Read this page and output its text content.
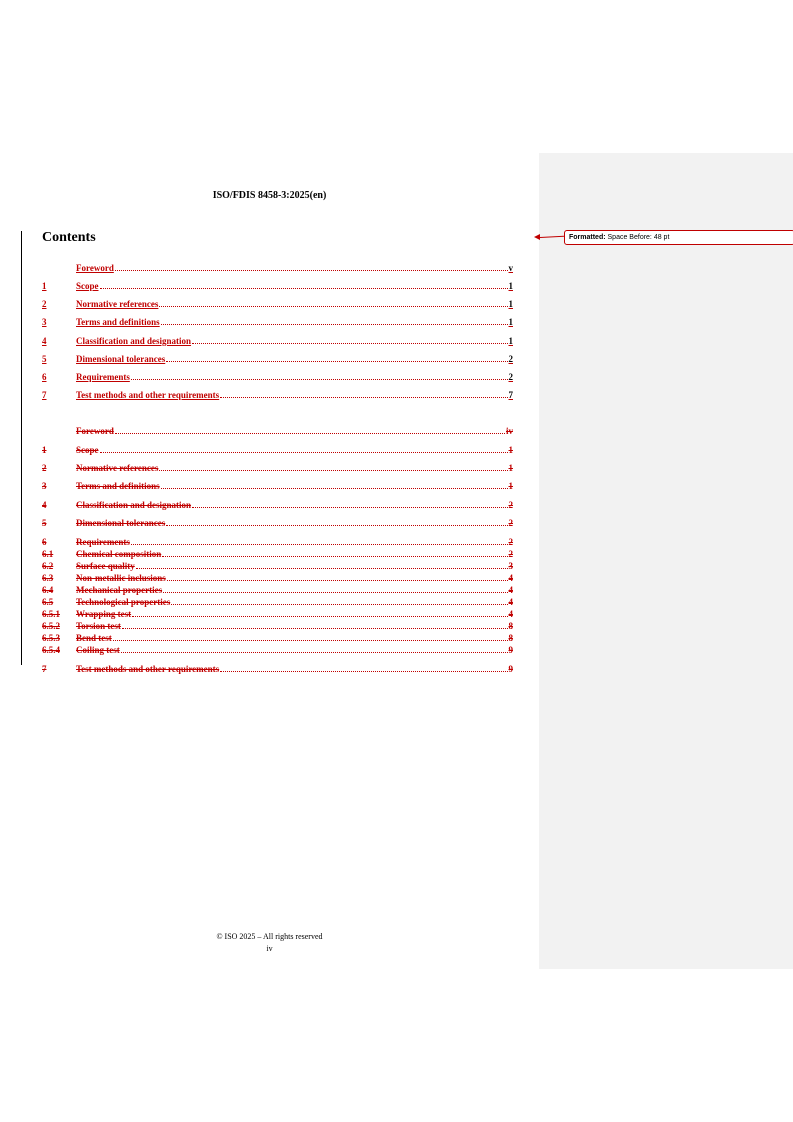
ISO/FDIS 8458-3:2025(en)
Contents
Foreword	v
1	Scope	1
2	Normative references	1
3	Terms and definitions	1
4	Classification and designation	1
5	Dimensional tolerances	2
6	Requirements	2
7	Test methods and other requirements	7
Foreword	iv
1	Scope	1
2	Normative references	1
3	Terms and definitions	1
4	Classification and designation	2
5	Dimensional tolerances	2
6	Requirements	2
6.1	Chemical composition	2
6.2	Surface quality	3
6.3	Non-metallic inclusions	4
6.4	Mechanical properties	4
6.5	Technological properties	4
6.5.1	Wrapping test	4
6.5.2	Torsion test	8
6.5.3	Bend test	8
6.5.4	Coiling test	9
7	Test methods and other requirements	9
© ISO 2025 – All rights reserved
iv
Formatted: Space Before: 48 pt
